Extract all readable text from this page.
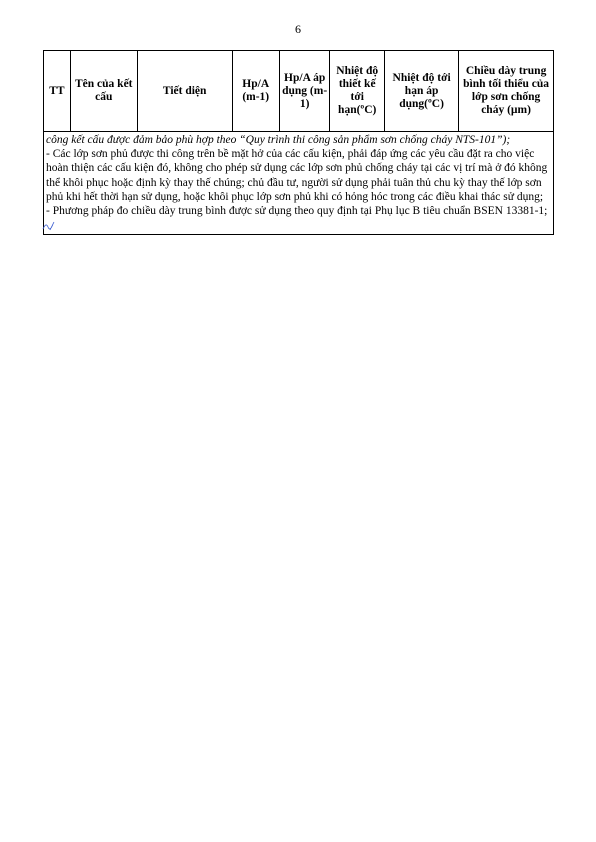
6
TT	Tên của kết cấu	Tiết diện	Hp/A (m-1)	Hp/A áp dụng (m-1)	Nhiệt độ thiết kế tới hạn(ºC)	Nhiệt độ tới hạn áp dụng(ºC)	Chiều dày trung bình tối thiểu của lớp sơn chống cháy (µm)

công kết cấu được đảm bảo phù hợp theo “Quy trình thi công sản phẩm sơn chống cháy NTS-101”);

- Các lớp sơn phủ được thi công trên bề mặt hở của các cấu kiện, phải đáp ứng các yêu cầu đặt ra cho việc hoàn thiện các cấu kiện đó, không cho phép sử dụng các lớp sơn phủ chống cháy tại các vị trí mà ở đó không thể khôi phục hoặc định kỳ thay thế chúng; chủ đầu tư, người sử dụng phải tuân thủ chu kỳ thay thế lớp sơn phủ khi hết thời hạn sử dụng, hoặc khôi phục lớp sơn phủ khi có hỏng hóc trong các điều khai thác sử dụng;

- Phương pháp đo chiều dày trung bình được sử dụng theo quy định tại Phụ lục B tiêu chuẩn BSEN 13381-1;
